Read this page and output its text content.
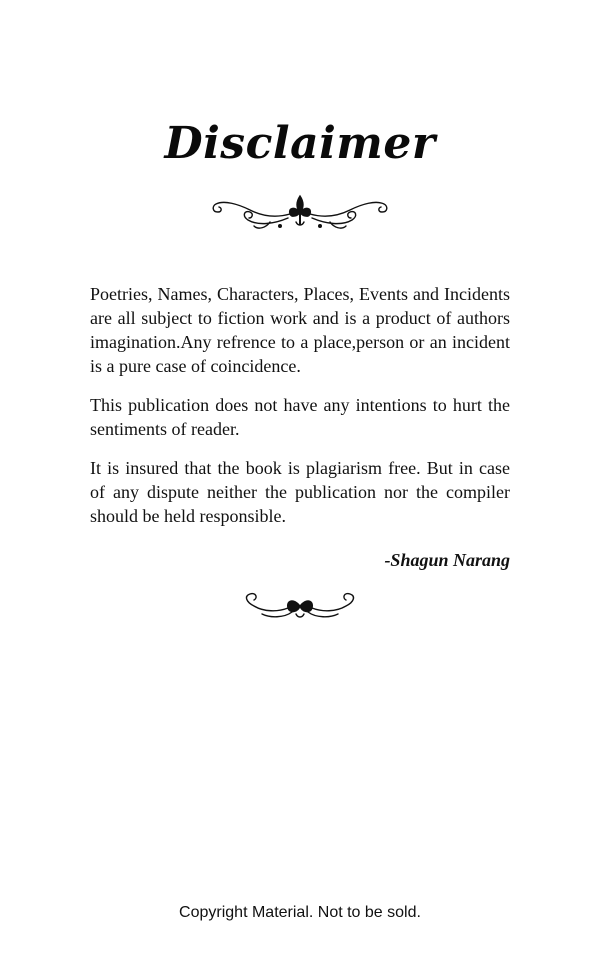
Disclaimer

Poetries, Names, Characters, Places, Events and Incidents are all subject to fiction work and is a product of authors imagination.Any refrence to a place,person or an incident is a pure case of coincidence.

This publication does not have any intentions to hurt the sentiments of reader.

It is insured that the book is plagiarism free. But in case of any dispute neither the publication nor the compiler should be held responsible.

-Shagun Narang
Copyright Material. Not to be sold.
